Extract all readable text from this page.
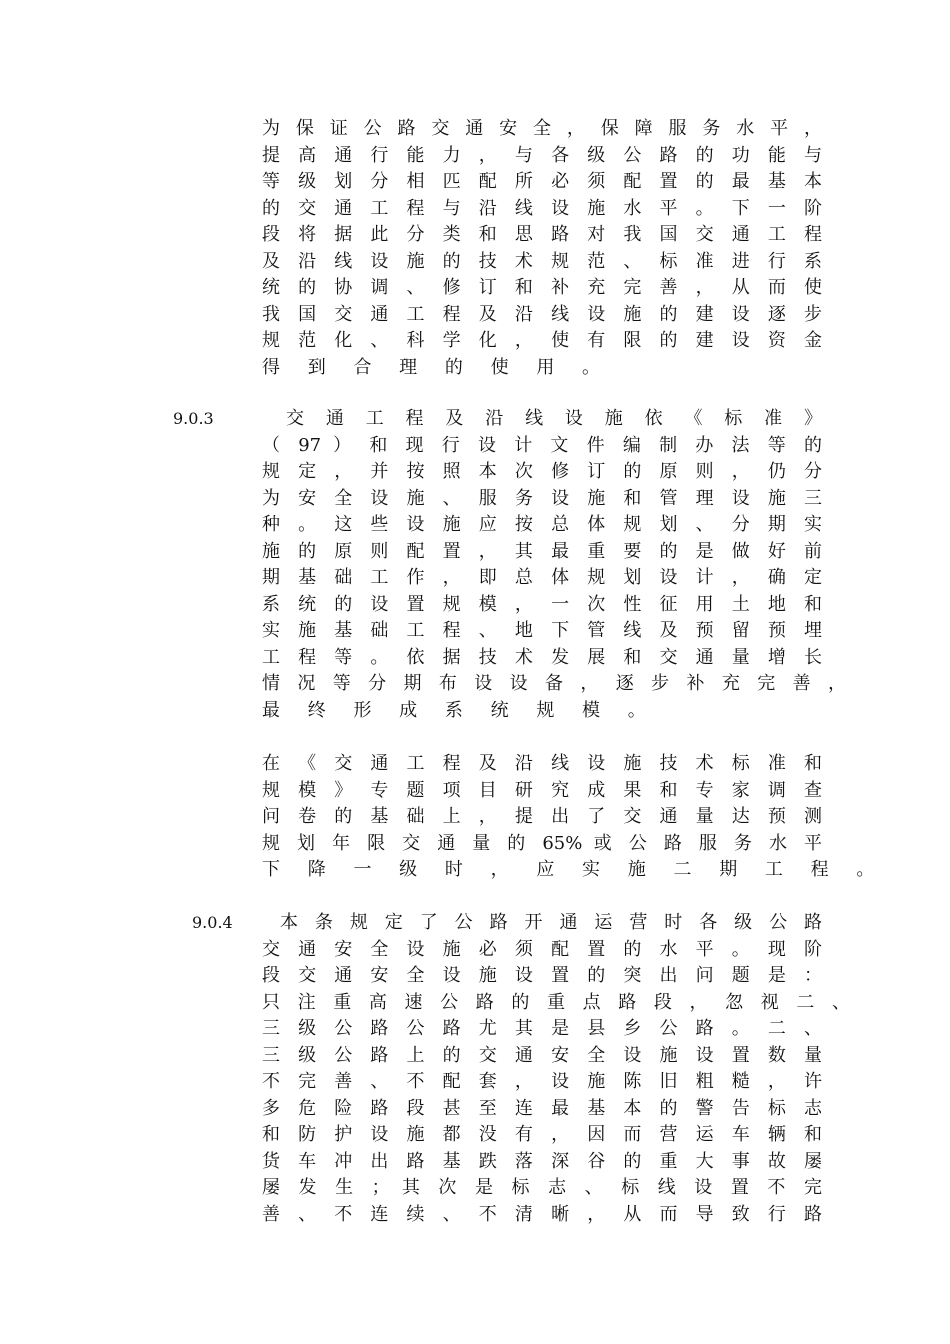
为 保 证 公 路 交 通 安 全 ， 保 障 服 务 水 平 ，
提 高 通 行 能 力 ， 与 各 级 公 路 的 功 能 与
等 级 划 分 相 匹 配 所 必 须 配 置 的 最 基 本
的 交 通 工 程 与 沿 线 设 施 水 平 。 下 一 阶
段 将 据 此 分 类 和 思 路 对 我 国 交 通 工 程
及 沿 线 设 施 的 技 术 规 范 、 标 准 进 行 系
统 的 协 调 、 修 订 和 补 充 完 善 ， 从 而 使
我 国 交 通 工 程 及 沿 线 设 施 的 建 设 逐 步
规 范 化 、 科 学 化 ， 使 有 限 的 建 设 资 金
得 到 合 理 的 使 用 。
9.0.3	交 通 工 程 及 沿 线 设 施 依 《 标 准 》
（ 97 ） 和 现 行 设 计 文 件 编 制 办 法 等 的
规 定 ， 并 按 照 本 次 修 订 的 原 则 ， 仍 分
为 安 全 设 施 、 服 务 设 施 和 管 理 设 施 三
种 。 这 些 设 施 应 按 总 体 规 划 、 分 期 实
施 的 原 则 配 置 ， 其 最 重 要 的 是 做 好 前
期 基 础 工 作 ， 即 总 体 规 划 设 计 ， 确 定
系 统 的 设 置 规 模 ， 一 次 性 征 用 土 地 和
实 施 基 础 工 程 、 地 下 管 线 及 预 留 预 埋
工 程 等 。 依 据 技 术 发 展 和 交 通 量 增 长
情 况 等 分 期 布 设 设 备 ， 逐 步 补 充 完 善 ，
最 终 形 成 系 统 规 模 。
在 《 交 通 工 程 及 沿 线 设 施 技 术 标 准 和
规 模 》 专 题 项 目 研 究 成 果 和 专 家 调 查
问 卷 的 基 础 上 ， 提 出 了 交 通 量 达 预 测
规 划 年 限 交 通 量 的 65% 或 公 路 服 务 水 平
下 降 一 级 时 ， 应 实 施 二 期 工 程 。
9.0.4	本 条 规 定 了 公 路 开 通 运 营 时 各 级 公 路
交 通 安 全 设 施 必 须 配 置 的 水 平 。 现 阶
段 交 通 安 全 设 施 设 置 的 突 出 问 题 是 ：
只 注 重 高 速 公 路 的 重 点 路 段 ， 忽 视 二 、
三 级 公 路 公 路 尤 其 是 县 乡 公 路 。 二 、
三 级 公 路 上 的 交 通 安 全 设 施 设 置 数 量
不 完 善 、 不 配 套 ， 设 施 陈 旧 粗 糙 ， 许
多 危 险 路 段 甚 至 连 最 基 本 的 警 告 标 志
和 防 护 设 施 都 没 有 ， 因 而 营 运 车 辆 和
货 车 冲 出 路 基 跌 落 深 谷 的 重 大 事 故 屡
屡 发 生 ； 其 次 是 标 志 、 标 线 设 置 不 完
善 、 不 连 续 、 不 清 晰 ， 从 而 导 致 行 路
